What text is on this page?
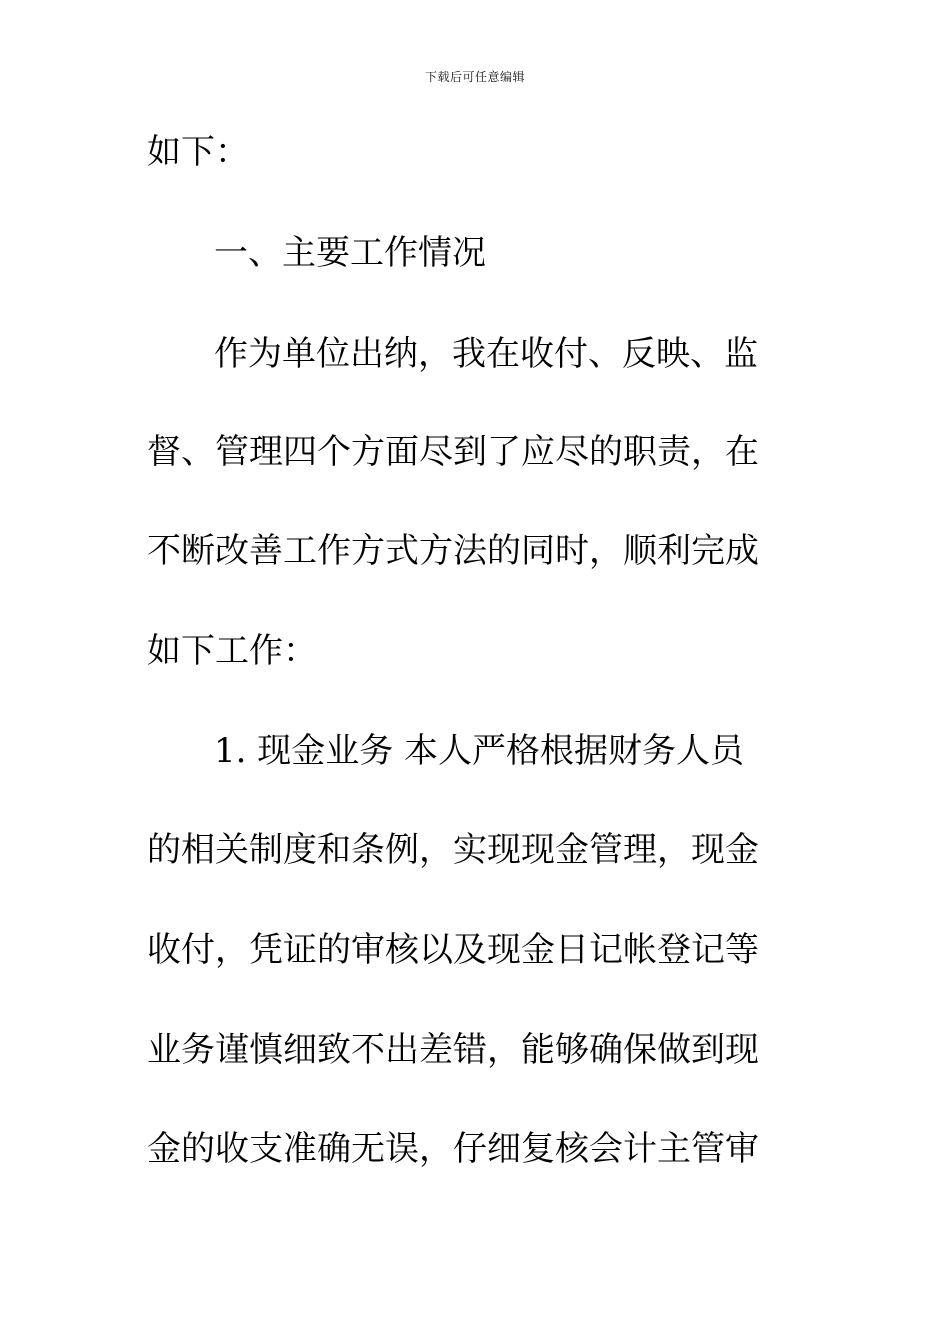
下载后可任意编辑
如下：
一、主要工作情况
作为单位出纳，我在收付、反映、监
督、管理四个方面尽到了应尽的职责，在
不断改善工作方式方法的同时，顺利完成
如下工作：
1. 现金业务 本人严格根据财务人员
的相关制度和条例，实现现金管理，现金
收付，凭证的审核以及现金日记帐登记等
业务谨慎细致不出差错，能够确保做到现
金的收支准确无误，仔细复核会计主管审
